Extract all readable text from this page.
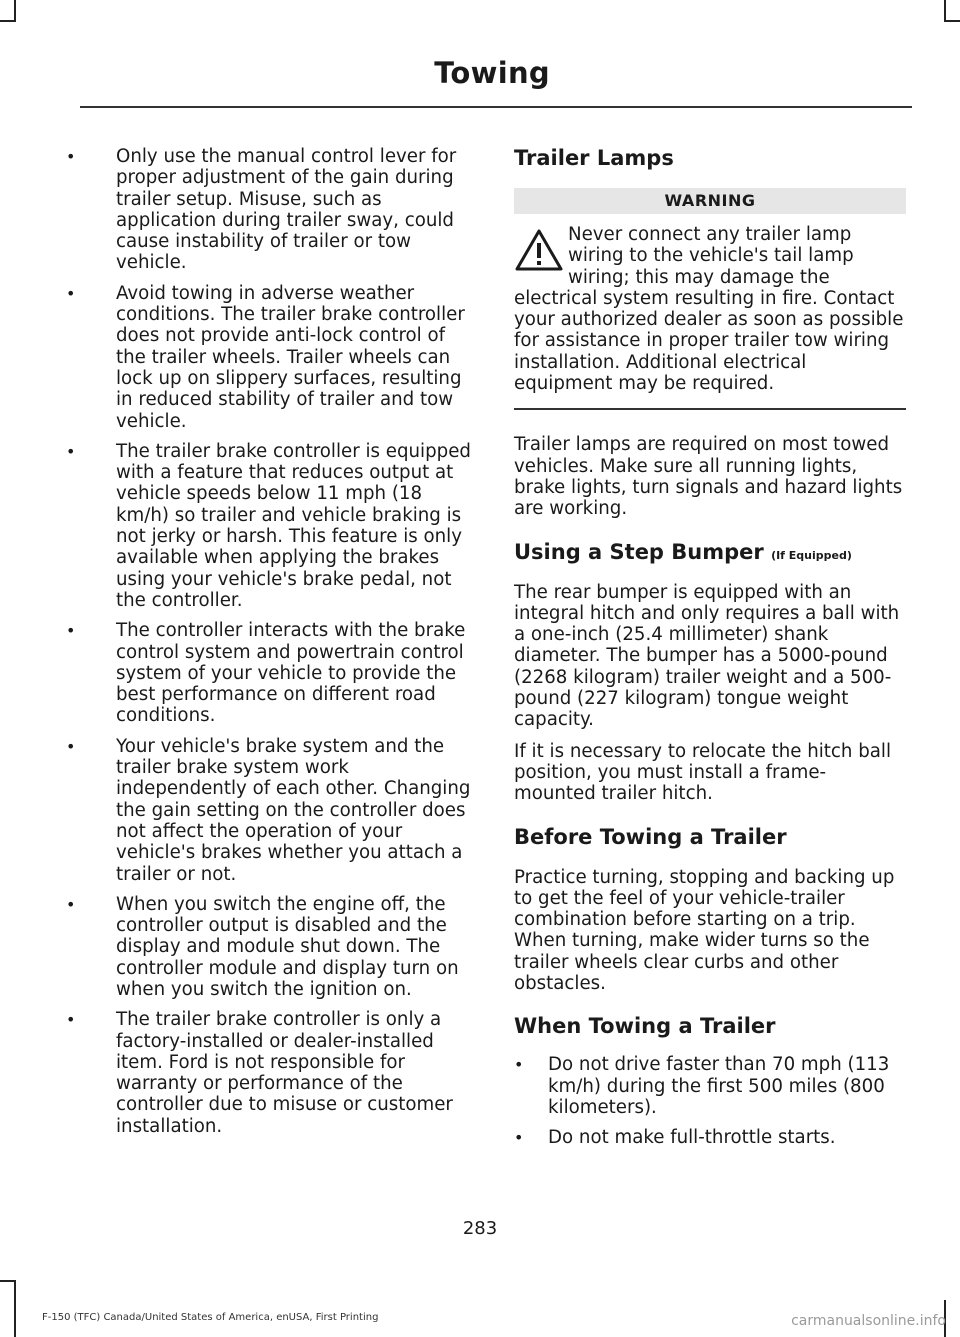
Towing
• Only use the manual control lever for proper adjustment of the gain during trailer setup. Misuse, such as application during trailer sway, could cause instability of trailer or tow vehicle.
• Avoid towing in adverse weather conditions. The trailer brake controller does not provide anti-lock control of the trailer wheels. Trailer wheels can lock up on slippery surfaces, resulting in reduced stability of trailer and tow vehicle.
• The trailer brake controller is equipped with a feature that reduces output at vehicle speeds below 11 mph (18 km/h) so trailer and vehicle braking is not jerky or harsh. This feature is only available when applying the brakes using your vehicle's brake pedal, not the controller.
• The controller interacts with the brake control system and powertrain control system of your vehicle to provide the best performance on different road conditions.
• Your vehicle's brake system and the trailer brake system work independently of each other. Changing the gain setting on the controller does not affect the operation of your vehicle's brakes whether you attach a trailer or not.
• When you switch the engine off, the controller output is disabled and the display and module shut down. The controller module and display turn on when you switch the ignition on.
• The trailer brake controller is only a factory-installed or dealer-installed item. Ford is not responsible for warranty or performance of the controller due to misuse or customer installation.
Trailer Lamps
WARNING
Never connect any trailer lamp wiring to the vehicle's tail lamp wiring; this may damage the electrical system resulting in fire. Contact your authorized dealer as soon as possible for assistance in proper trailer tow wiring installation. Additional electrical equipment may be required.

Trailer lamps are required on most towed vehicles. Make sure all running lights, brake lights, turn signals and hazard lights are working.

Using a Step Bumper (If Equipped)

The rear bumper is equipped with an integral hitch and only requires a ball with a one-inch (25.4 millimeter) shank diameter. The bumper has a 5000-pound (2268 kilogram) trailer weight and a 500-pound (227 kilogram) tongue weight capacity.

If it is necessary to relocate the hitch ball position, you must install a frame-mounted trailer hitch.

Before Towing a Trailer

Practice turning, stopping and backing up to get the feel of your vehicle-trailer combination before starting on a trip. When turning, make wider turns so the trailer wheels clear curbs and other obstacles.

When Towing a Trailer
• Do not drive faster than 70 mph (113 km/h) during the first 500 miles (800 kilometers).
• Do not make full-throttle starts.
283
F-150 (TFC) Canada/United States of America, enUSA, First Printing	carmanualsonline.info
